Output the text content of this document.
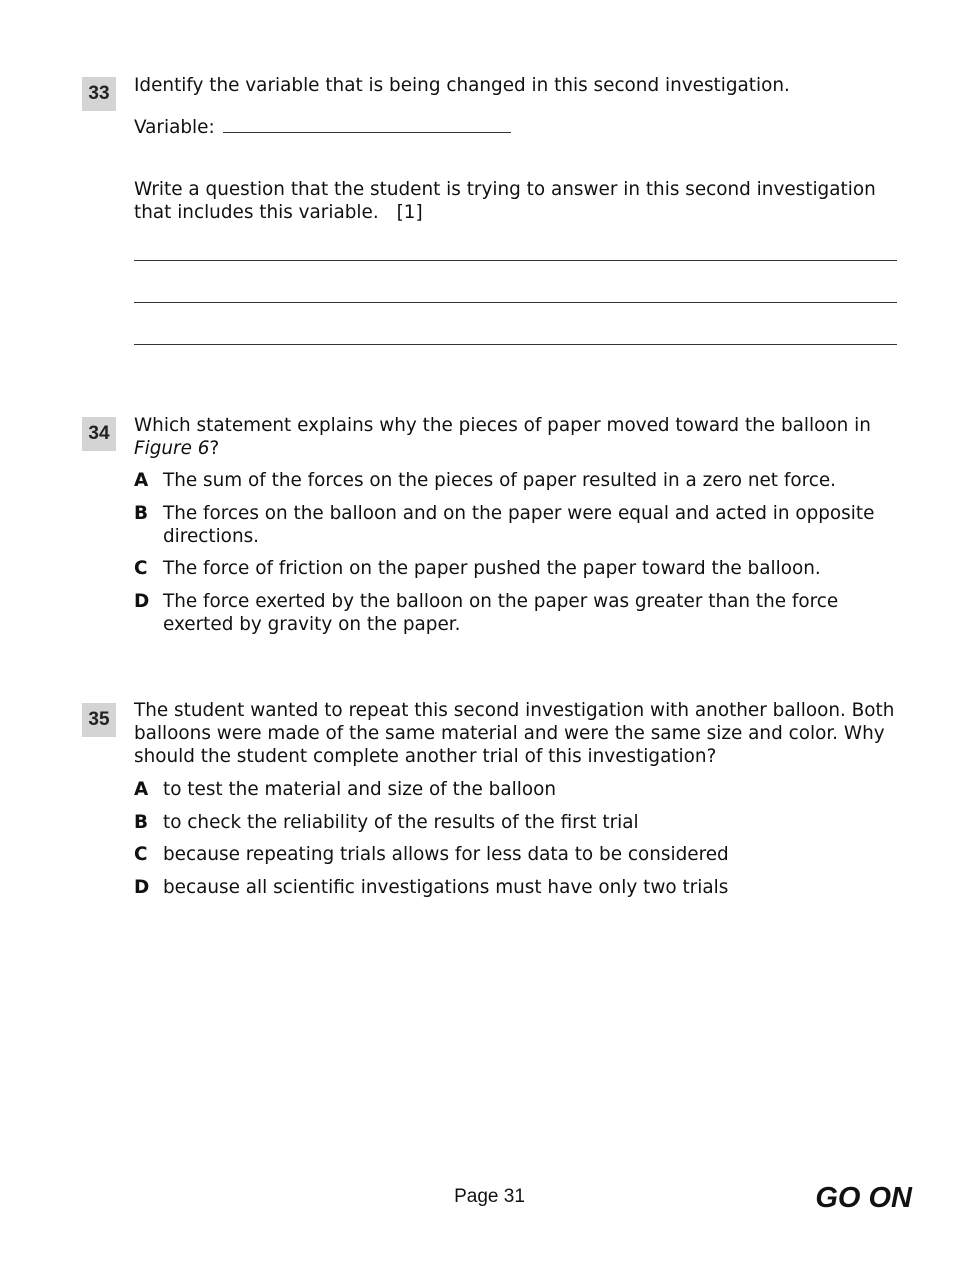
33	Identify the variable that is being changed in this second investigation.
Variable:
Write a question that the student is trying to answer in this second investigation that includes this variable. [1]
34	Which statement explains why the pieces of paper moved toward the balloon in Figure 6?
A The sum of the forces on the pieces of paper resulted in a zero net force.
B The forces on the balloon and on the paper were equal and acted in opposite directions.
C The force of friction on the paper pushed the paper toward the balloon.
D The force exerted by the balloon on the paper was greater than the force exerted by gravity on the paper.
35	The student wanted to repeat this second investigation with another balloon. Both balloons were made of the same material and were the same size and color. Why should the student complete another trial of this investigation?
A to test the material and size of the balloon
B to check the reliability of the results of the first trial
C because repeating trials allows for less data to be considered
D because all scientific investigations must have only two trials
Page 31	GO ON
